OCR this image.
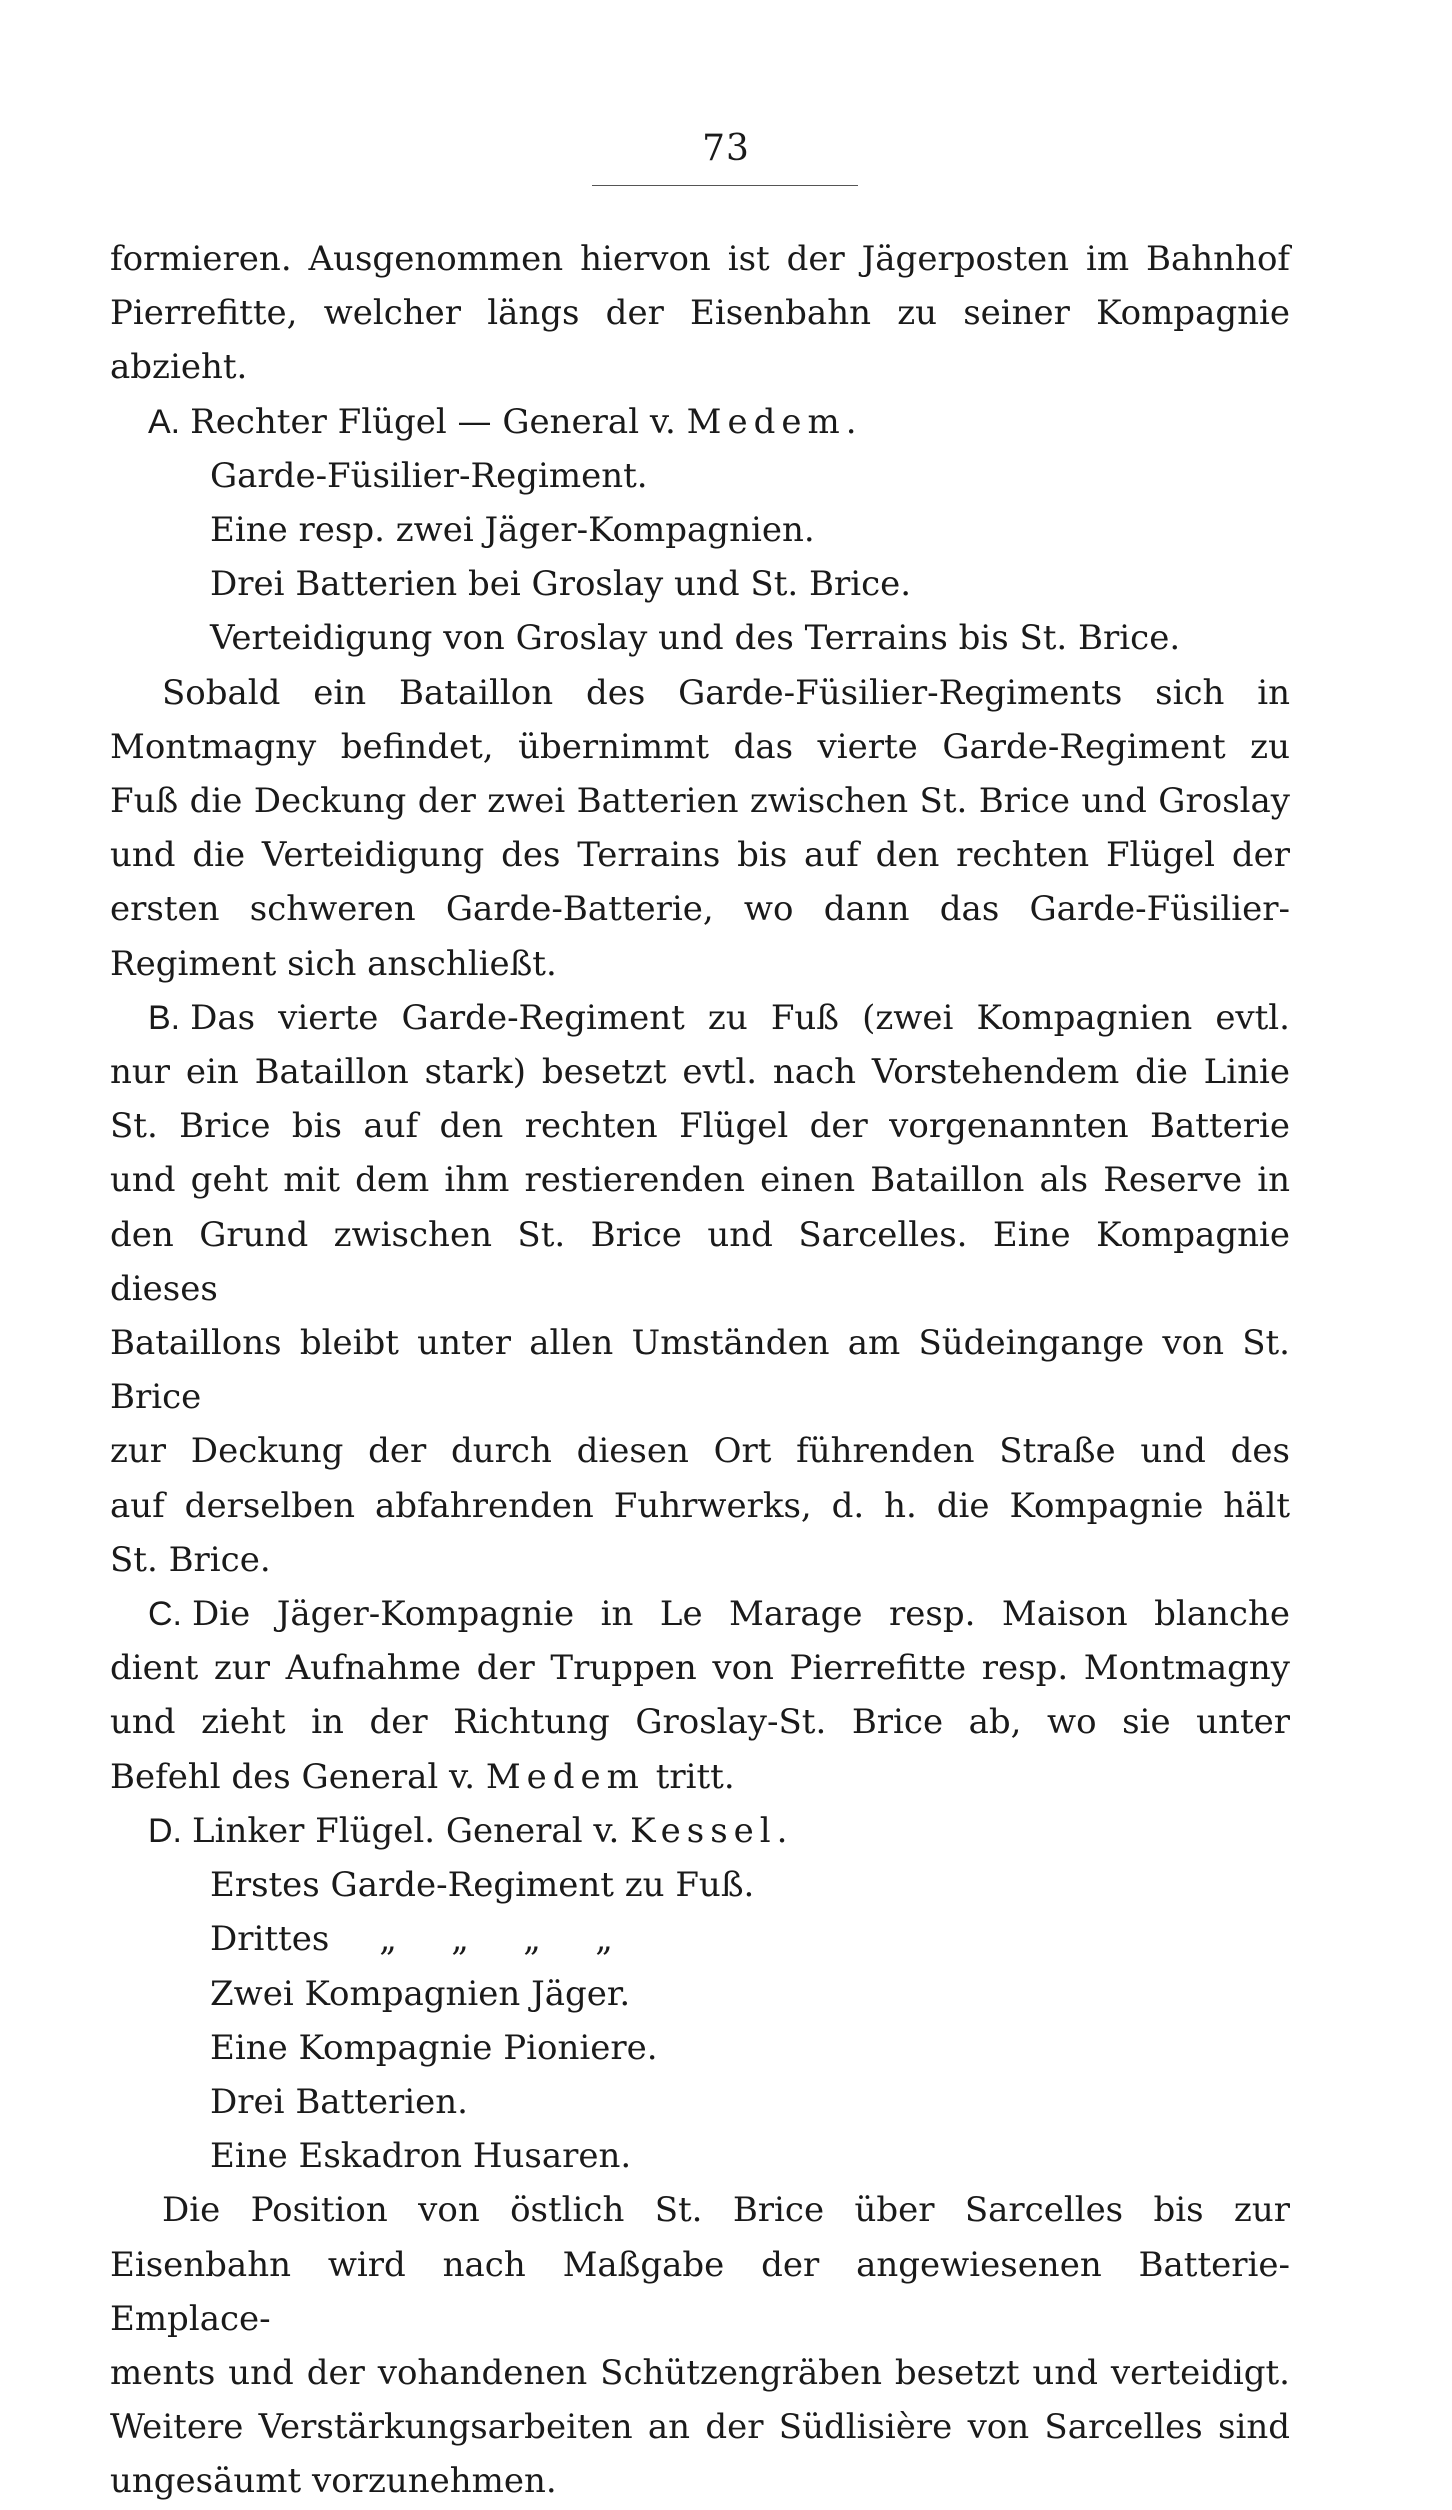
73

formieren. Ausgenommen hiervon ist der Jägerposten im Bahnhof

Pierrefitte, welcher längs der Eisenbahn zu seiner Kompagnie

abzieht.

A. Rechter Flügel — General v. Medem.

Garde-Füsilier-Regiment.

Eine resp. zwei Jäger-Kompagnien.

Drei Batterien bei Groslay und St. Brice.

Verteidigung von Groslay und des Terrains bis St. Brice.

Sobald ein Bataillon des Garde-Füsilier-Regiments sich in

Montmagny befindet, übernimmt das vierte Garde-Regiment zu

Fuß die Deckung der zwei Batterien zwischen St. Brice und Groslay

und die Verteidigung des Terrains bis auf den rechten Flügel der

ersten schweren Garde-Batterie, wo dann das Garde-Füsilier-

Regiment sich anschließt.

B. Das vierte Garde-Regiment zu Fuß (zwei Kompagnien evtl.

nur ein Bataillon stark) besetzt evtl. nach Vorstehendem die Linie

St. Brice bis auf den rechten Flügel der vorgenannten Batterie

und geht mit dem ihm restierenden einen Bataillon als Reserve in

den Grund zwischen St. Brice und Sarcelles. Eine Kompagnie dieses

Bataillons bleibt unter allen Umständen am Südeingange von St. Brice

zur Deckung der durch diesen Ort führenden Straße und des

auf derselben abfahrenden Fuhrwerks, d. h. die Kompagnie hält

St. Brice.

C. Die Jäger-Kompagnie in Le Marage resp. Maison blanche

dient zur Aufnahme der Truppen von Pierrefitte resp. Montmagny

und zieht in der Richtung Groslay-St. Brice ab, wo sie unter

Befehl des General v. Medem tritt.

D. Linker Flügel. General v. Kessel.

Erstes Garde-Regiment zu Fuß.

Drittes „ „ „ „

Zwei Kompagnien Jäger.

Eine Kompagnie Pioniere.

Drei Batterien.

Eine Eskadron Husaren.

Die Position von östlich St. Brice über Sarcelles bis zur

Eisenbahn wird nach Maßgabe der angewiesenen Batterie-Emplace-

ments und der vohandenen Schützengräben besetzt und verteidigt.

Weitere Verstärkungsarbeiten an der Südlisière von Sarcelles sind

ungesäumt vorzunehmen.
